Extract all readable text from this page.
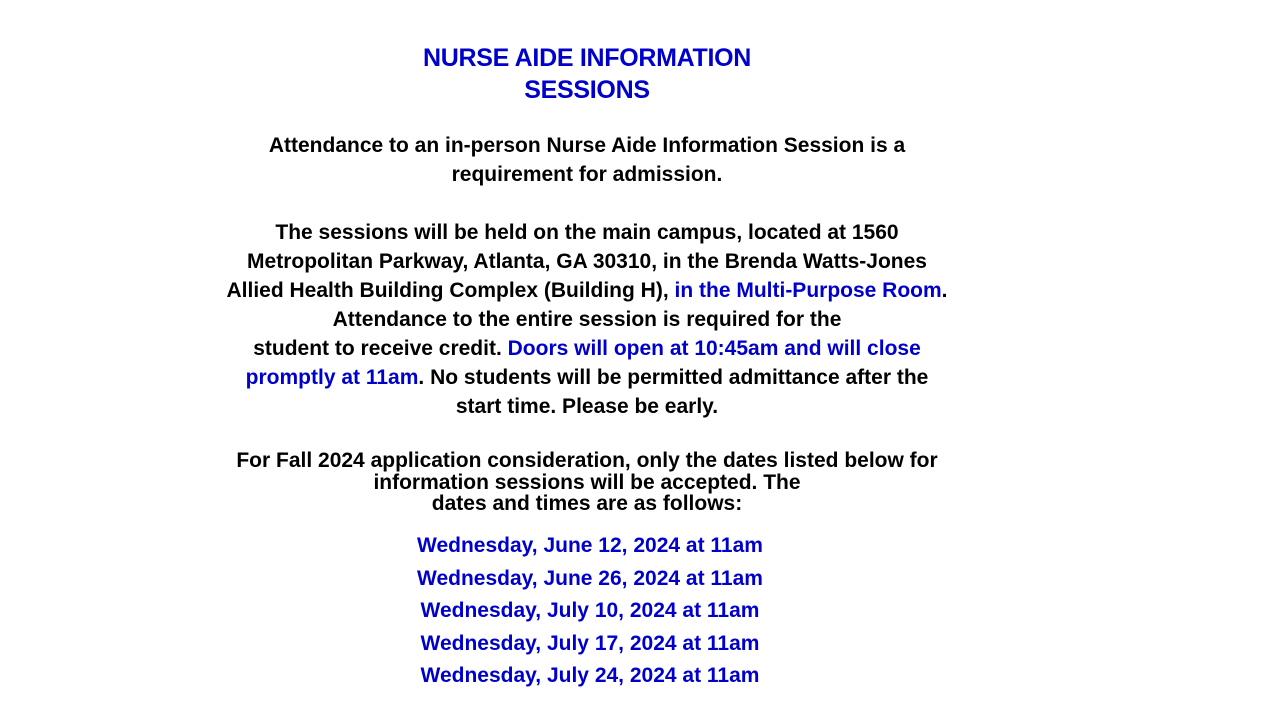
NURSE AIDE INFORMATION
SESSIONS
Attendance to an in-person Nurse Aide Information Session is a
requirement for admission.
The sessions will be held on the main campus, located at 1560
Metropolitan Parkway, Atlanta, GA 30310, in the Brenda Watts-Jones
Allied Health Building Complex (Building H), in the Multi-Purpose Room.
Attendance to the entire session is required for the
student to receive credit. Doors will open at 10:45am and will close
promptly at 11am. No students will be permitted admittance after the
start time. Please be early.
For Fall 2024 application consideration, only the dates listed below for
information sessions will be accepted. The
dates and times are as follows:
Wednesday, June 12, 2024 at 11am
Wednesday, June 26, 2024 at 11am
Wednesday, July 10, 2024 at 11am
Wednesday, July 17, 2024 at 11am
Wednesday, July 24, 2024 at 11am
